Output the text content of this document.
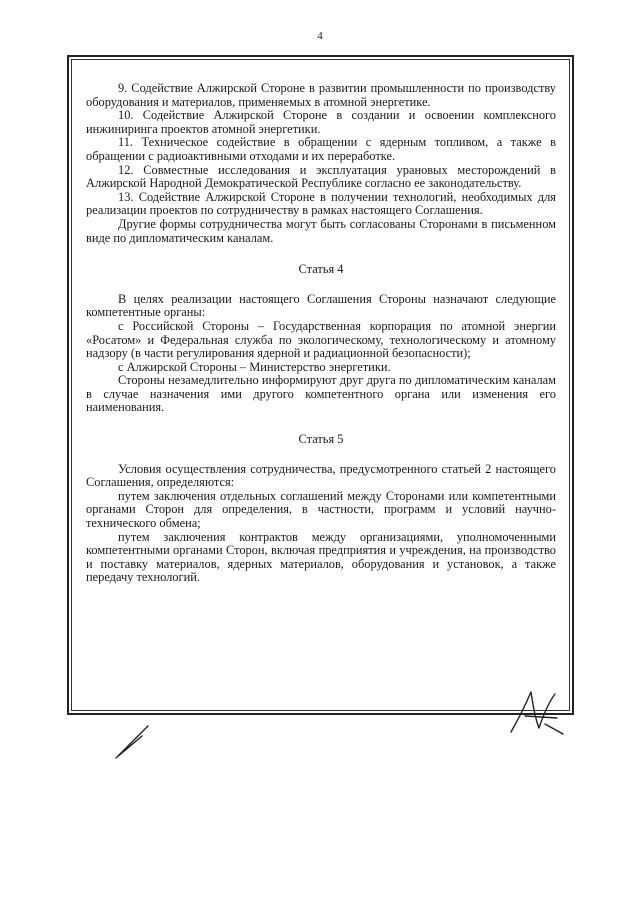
4

9. Содействие Алжирской Стороне в развитии промышленности по производству оборудования и материалов, применяемых в атомной энергетике.

10. Содействие Алжирской Стороне в создании и освоении комплексного инжиниринга проектов атомной энергетики.

11. Техническое содействие в обращении с ядерным топливом, а также в обращении с радиоактивными отходами и их переработке.

12. Совместные исследования и эксплуатация урановых месторождений в Алжирской Народной Демократической Республике согласно ее законодательству.

13. Содействие Алжирской Стороне в получении технологий, необходимых для реализации проектов по сотрудничеству в рамках настоящего Соглашения.

Другие формы сотрудничества могут быть согласованы Сторонами в письменном виде по дипломатическим каналам.

Статья 4

В целях реализации настоящего Соглашения Стороны назначают следующие компетентные органы:

с Российской Стороны – Государственная корпорация по атомной энергии «Росатом» и Федеральная служба по экологическому, технологическому и атомному надзору (в части регулирования ядерной и радиационной безопасности);

с Алжирской Стороны – Министерство энергетики.

Стороны незамедлительно информируют друг друга по дипломатическим каналам в случае назначения ими другого компетентного органа или изменения его наименования.

Статья 5

Условия осуществления сотрудничества, предусмотренного статьей 2 настоящего Соглашения, определяются:

путем заключения отдельных соглашений между Сторонами или компетентными органами Сторон для определения, в частности, программ и условий научно-технического обмена;

путем заключения контрактов между организациями, уполномоченными компетентными органами Сторон, включая предприятия и учреждения, на производство и поставку материалов, ядерных материалов, оборудования и установок, а также передачу технологий.
